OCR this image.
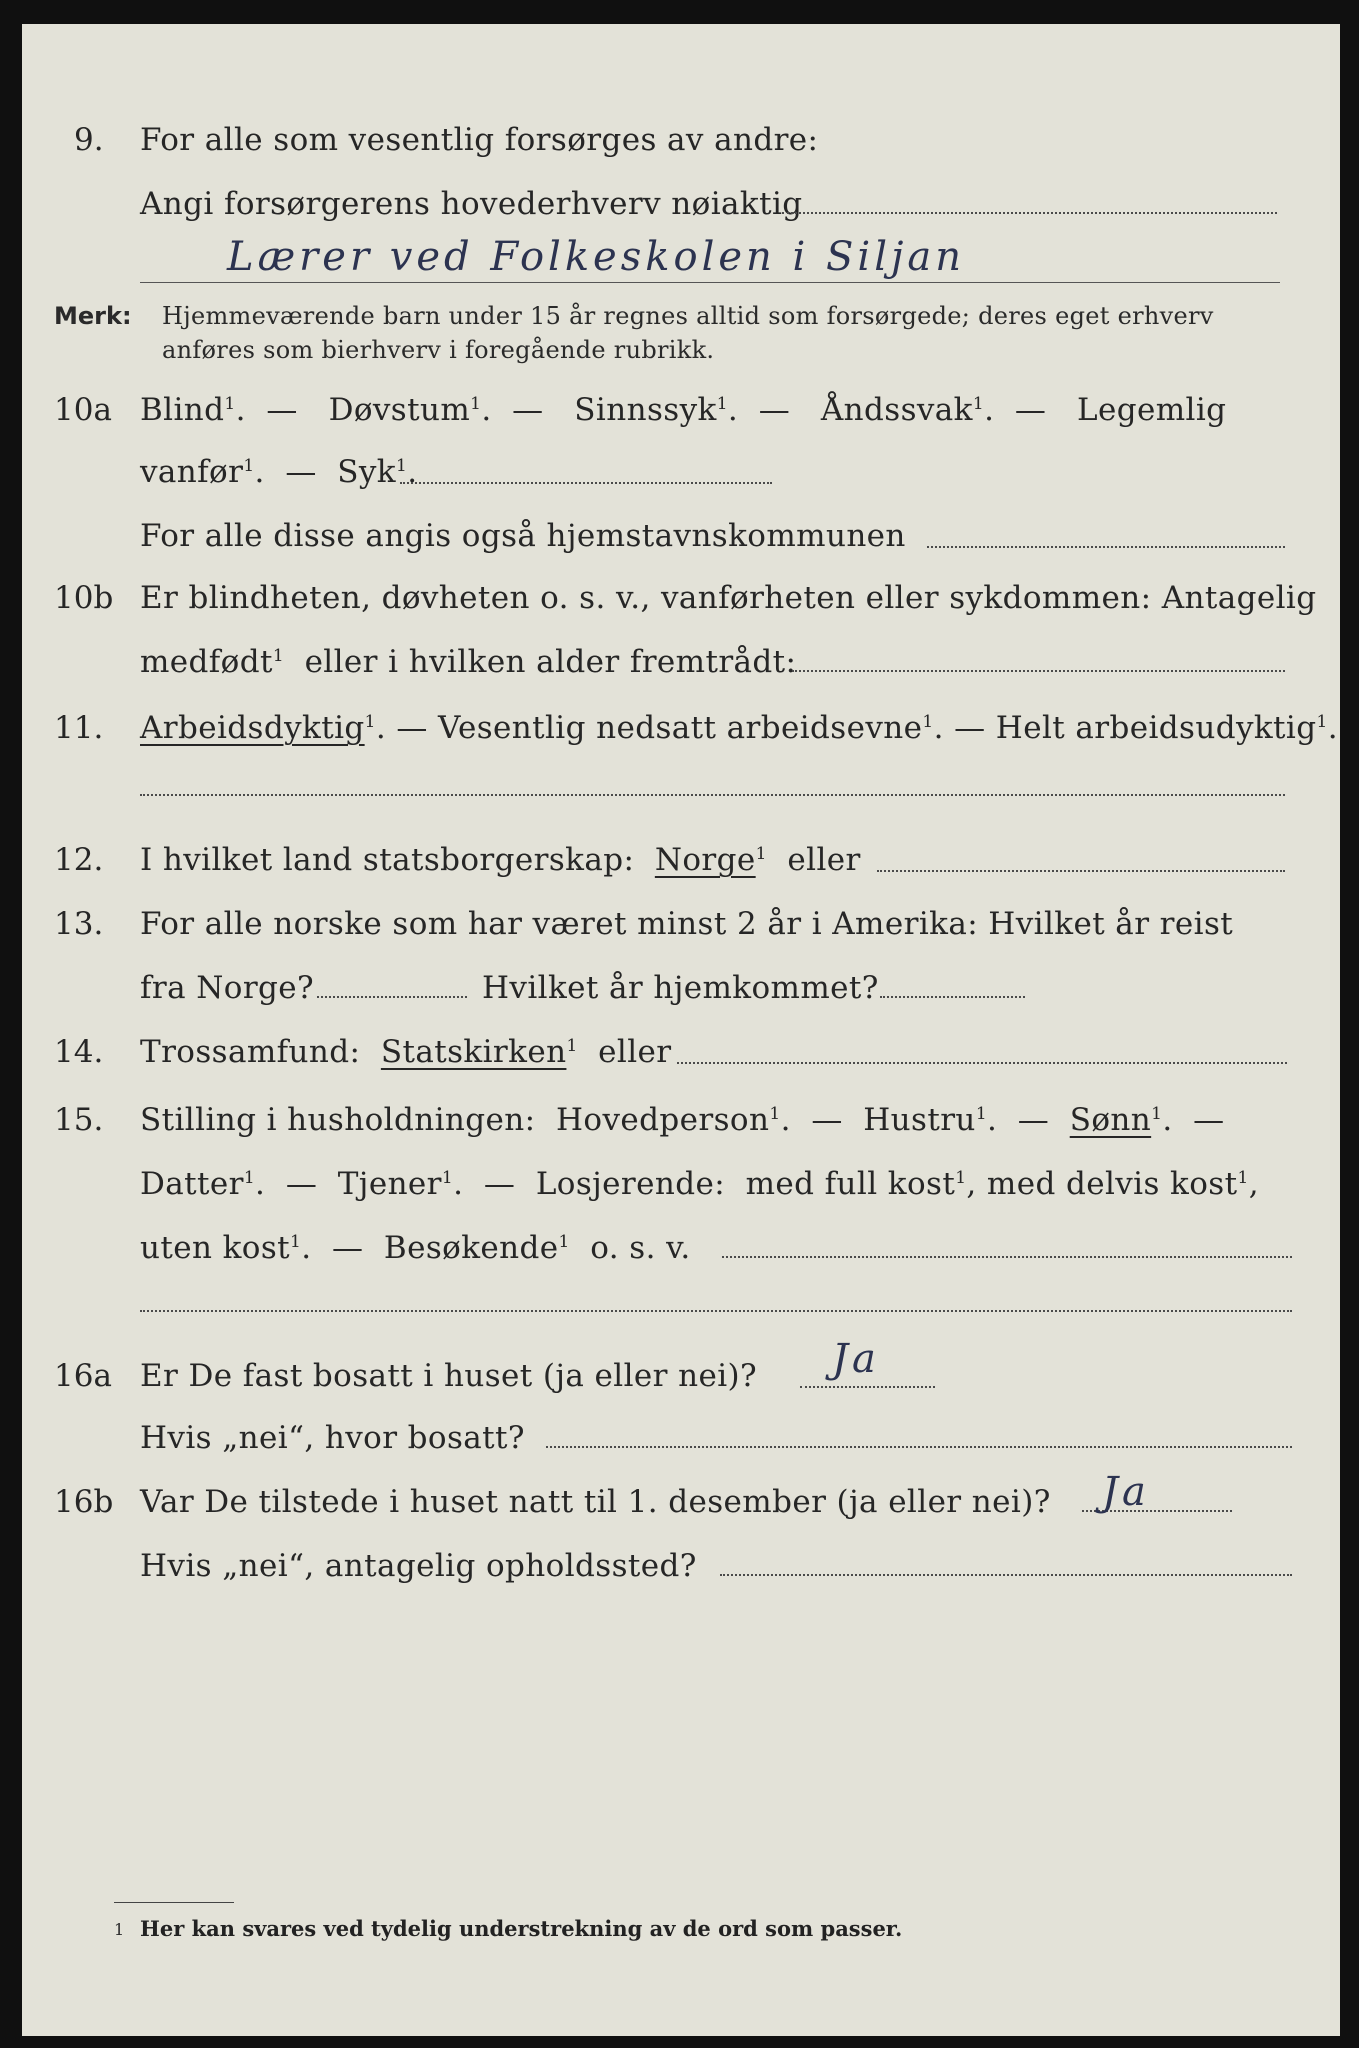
9. For alle som vesentlig forsørges av andre:
Angi forsørgerens hovederhverv nøiaktig
Lærer ved Folkeskolen i Siljan
Merk: Hjemmeværende barn under 15 år regnes alltid som forsørgede; deres eget erhverv
anføres som bierhverv i foregående rubrikk.
10a Blind$^1$.  — Døvstum$^1$.  — Sinnssyk$^1$.  — Åndssvak$^1$.  — Legemlig
vanfør$^1$.  — Syk$^1$.
For alle disse angis også hjemstavnskommunen
10b Er blindheten, døvheten o. s. v., vanførheten eller sykdommen: Antagelig
medfødt$^1$ eller i hvilken alder fremtrådt:
11. Arbeidsdyktig$^1$. — Vesentlig nedsatt arbeidsevne$^1$. — Helt arbeidsudyktig$^1$.
12. I hvilket land statsborgerskap: Norge$^1$ eller
13. For alle norske som har været minst 2 år i Amerika: Hvilket år reist
fra Norge?	Hvilket år hjemkommet?
14. Trossamfund: Statskirken$^1$ eller
15. Stilling i husholdningen: Hovedperson$^1$.  — Hustru$^1$.  — Sønn$^1$.  —
Datter$^1$.  — Tjener$^1$.  — Losjerende: med full kost$^1$, med delvis kost$^1$,
uten kost$^1$.  — Besøkende$^1$ o. s. v.
16a Er De fast bosatt i huset (ja eller nei)? Ja
Hvis „nei“, hvor bosatt?
16b Var De tilstede i huset natt til 1. desember (ja eller nei)? Ja
Hvis „nei“, antagelig opholdssted?
1 Her kan svares ved tydelig understrekning av de ord som passer.
